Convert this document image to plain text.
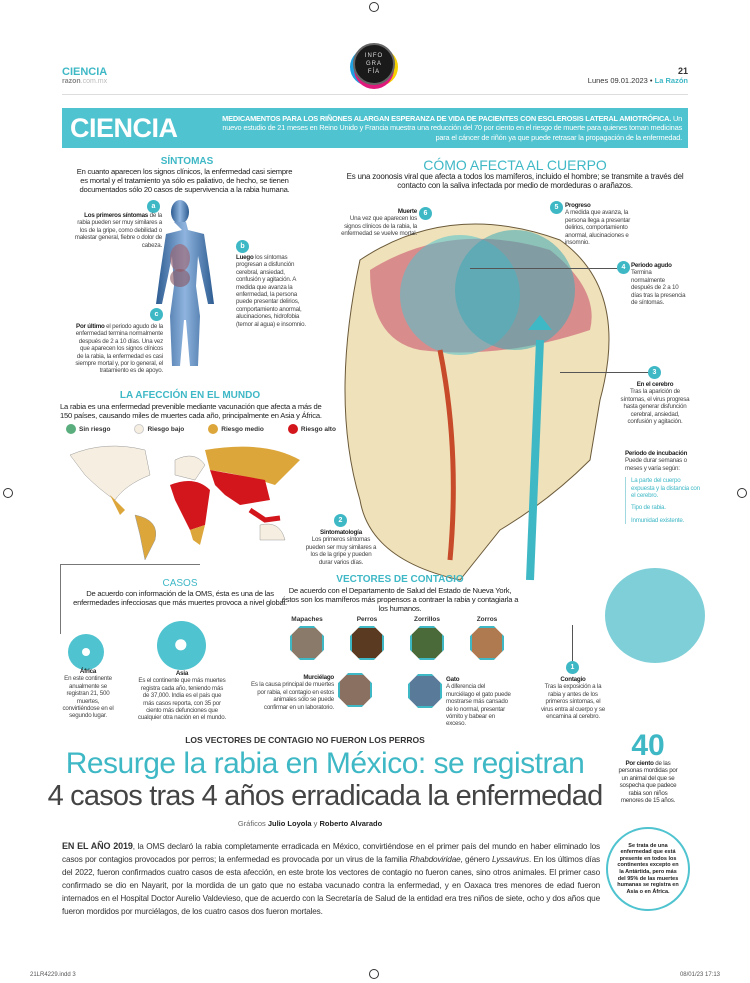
CIENCIA
razon.com.mx
INFO
GRA
FÍA	21
Lunes 09.01.2023 • La Razón
CIENCIA	MEDICAMENTOS PARA LOS RIÑONES ALARGAN ESPERANZA DE VIDA DE PACIENTES CON ESCLEROSIS LATERAL AMIOTRÓFICA. Un nuevo estudio de 21 meses en Reino Unido y Francia muestra una reducción del 70 por ciento en el riesgo de muerte para quienes toman medicinas para el cáncer de riñón ya que puede retrasar la propagación de la enfermedad.
SÍNTOMAS
En cuanto aparecen los signos clínicos, la enfermedad casi siempre es mortal y el tratamiento ya sólo es paliativo, de hecho, se tienen documentados sólo 20 casos de supervivencia a la rabia humana.
a
Los primeros síntomas de la rabia pueden ser muy similares a los de la gripe, como debilidad o malestar general, fiebre o dolor de cabeza.	b
Luego los síntomas progresan a disfunción cerebral, ansiedad, confusión y agitación. A medida que avanza la enfermedad, la persona puede presentar delirios, comportamiento anormal, alucinaciones, hidrofobia (temor al agua) e insomnio.
c
Por último el periodo agudo de la enfermedad termina normalmente después de 2 a 10 días. Una vez que aparecen los signos clínicos de la rabia, la enfermedad es casi siempre mortal y, por lo general, el tratamiento es de apoyo.
CÓMO AFECTA AL CUERPO
Es una zoonosis viral que afecta a todos los mamíferos, incluido el hombre; se transmite a través del contacto con la saliva infectada por medio de mordeduras o arañazos.
6
Muerte
Una vez que aparecen los signos clínicos de la rabia, la enfermedad se vuelve mortal.
5	Progreso
A medida que avanza, la persona llega a presentar delirios, comportamiento anormal, alucinaciones e insomnio.
4 Periodo agudo
Termina normalmente después de 2 a 10 días tras la presencia de síntomas.
3
En el cerebro
Tras la aparición de síntomas, el virus progresa hasta generar disfunción cerebral, ansiedad, confusión y agitación.
Periodo de incubación
Puede durar semanas o meses y varía según:
La parte del cuerpo expuesta y la distancia con el cerebro.
Tipo de rabia.
Inmunidad existente.
2
Sintomatología
Los primeros síntomas pueden ser muy similares a los de la gripe y pueden durar varios días.
1
Contagio
Tras la exposición a la rabia y antes de los primeros síntomas, el virus entra al cuerpo y se encamina al cerebro.
LA AFECCIÓN EN EL MUNDO
La rabia es una enfermedad prevenible mediante vacunación que afecta a más de 150 países, causando miles de muertes cada año, principalmente en Asia y África.
Sin riesgo	Riesgo bajo	Riesgo medio	Riesgo alto
CASOS
De acuerdo con información de la OMS, ésta es una de las enfermedades infecciosas que más muertes provoca a nivel global.
África
En este continente anualmente se registran 21, 500 muertes, convirtiéndose en el segundo lugar.
Asia
Es el continente que más muertes registra cada año, teniendo más de 37,000. India es el país que más casos reporta, con 35 por ciento más defunciones que cualquier otra nación en el mundo.
VECTORES DE CONTAGIO
De acuerdo con el Departamento de Salud del Estado de Nueva York, éstos son los mamíferos más propensos a contraer la rabia y contagiarla a los humanos.
Mapaches	Perros	Zorrillos	Zorros
Murciélago
Es la causa principal de muertes por rabia, el contagio en estos animales sólo se puede confirmar en un laboratorio.
Gato
A diferencia del murciélago el gato puede mostrarse más cansado de lo normal, presentar vómito y babear en exceso.
40
Por ciento de las personas mordidas por un animal del que se sospecha que padece rabia son niños menores de 15 años.
LOS VECTORES DE CONTAGIO NO FUERON LOS PERROS
Resurge la rabia en México: se registran
4 casos tras 4 años erradicada la enfermedad
Gráficos Julio Loyola y Roberto Alvarado
EN EL AÑO 2019, la OMS declaró la rabia completamente erradicada en México, convirtiéndose en el primer país del mundo en haber eliminado los casos por contagios provocados por perros; la enfermedad es provocada por un virus de la familia Rhabdoviridae, género Lyssavirus. En los últimos días del 2022, fueron confirmados cuatro casos de esta afección, en este brote los vectores de contagio no fueron canes, sino otros animales. El primer caso confirmado se dio en Nayarit, por la mordida de un gato que no estaba vacunado contra la enfermedad, y en Oaxaca tres menores de edad fueron internados en el Hospital Doctor Aurelio Valdevieso, que de acuerdo con la Secretaría de Salud de la entidad era tres niños de siete, ocho y dos años que fueron mordidos por murciélagos, de los cuatro casos dos fueron mortales.
Se trata de una enfermedad que está presente en todos los continentes excepto en la Antártida, pero más del 95% de las muertes humanas se registra en Asia o en África.
21LR4229.indd 3	08/01/23 17:13
